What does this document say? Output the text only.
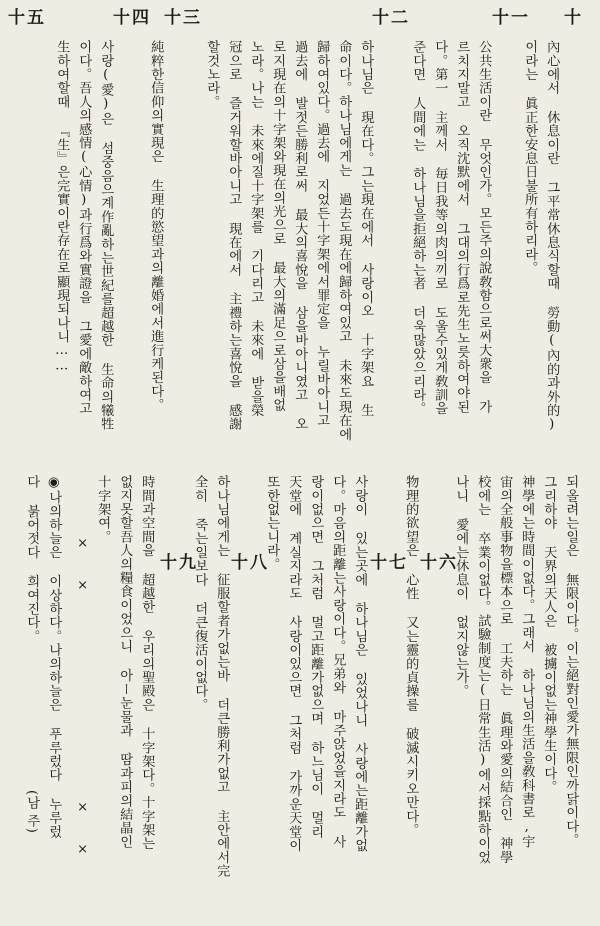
十
內心에서 休息이란 그平常休息식할때 勞動(內的과外的)
이라는 眞正한安息日불所有하리라。
十一
公共生活이란 무엇인가。모든주의說敎함으로써大衆을 가
르치지말고 오직沈默에서 그대의行爲로先生노릇하여야된
다。第一 主께서 毎日我等의肉의끼로 도울수있게敎訓을
준다면 人間에는 하나님을拒絕하는者 더욱많았으리라。
十二
하나님은 現在다。그는現在에서 사랑이오 十字架요 生
命이다。하나님에게는 過去도現在에歸하여있고 未來도現在에
歸하여있다。過去에 지었든十字架에서罪定을 누릴바아니고
過去에 발젓든勝利로써 最大의喜悅을 삼을바아니였고 오
로지現在의十字架와現在의光으로 最大의滿足으로삼을배없
노라。나는 未來에질十字架를 기다리고 未來에 받을榮
冠으로 즐거워할바아니고 現在에서 主禮하는喜悅을 感謝
할것노라。
十三
純粹한信仰의實現은 生理的慾望과의離婚에서進行케된다。
十四
사랑(愛)은 섬중음으계作亂하는世紀를超越한 生命의犧牲
이다。吾人의感情(心情)과行爲와實證을 그愛에敵하여고
生하여할때 『生』은完實이란存在로顯現되나니……
十五
되올려는일은 無限이다。이는絕對인愛가無限인까닭이다。
그리하야 天界의天人은 被擄이없는神學生이다。
神學에는時間이없다。그래서 하나님의生活을敎科書로,宇
宙의全般事物을標本으로 工夫하는 眞理와愛의結合인 神學
校에는 卒業이없다。試驗制度는(日常生活)에서採點하이었
나니 愛에는休息이 없지않는가。
十六
物理的欲望은 心性 又는靈的貞操를 破滅시키오만다。
十七
사랑이 있는곳에 하나님은 있었나니 사랑에는距離가없
다。마음의距離는사랑이다。兄弟와 마주앉었을지라도 사
랑이없으면 그처럼 멀고距離가없으며 하느님이 멀리
天堂에 계실지라도 사랑이있으면 그처럼 가까운天堂이
또한없는니라。
十八
하나님에게는 征服할者가없는바 더큰勝利가없고 主안에서完
全히 죽는일보다 더큰復活이없다。
十九
時間과空間을 超越한 우리의聖殿은 十字架다。十字架는
없지못할吾人의糧食이었으니 아ー눈물과 땀과피의結晶인
十字架여。
× ×
× ×
◉나의하늘은 이상하다。나의하늘은 푸루렀다 누루렀
다 붉어젓다 희여진다。
(남 주)
